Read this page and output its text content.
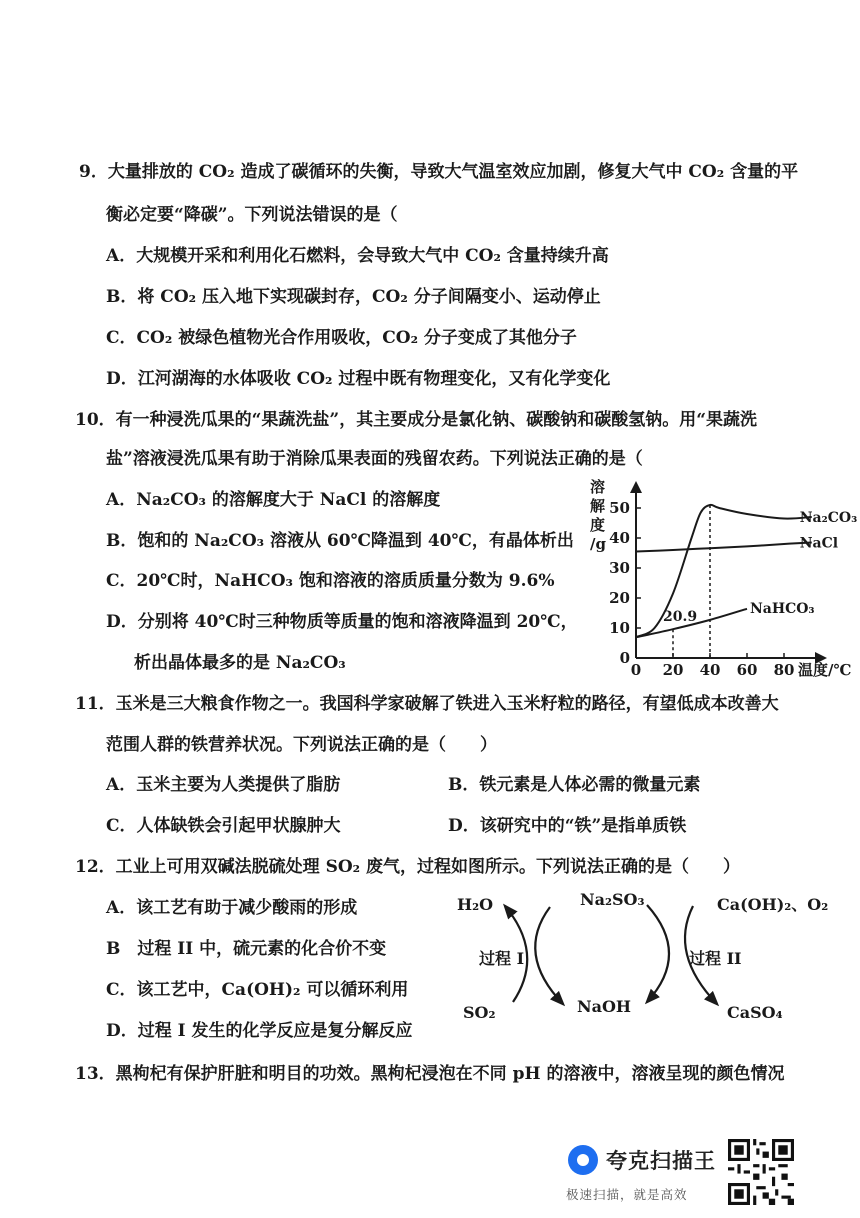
9．大量排放的 CO₂ 造成了碳循环的失衡，导致大气温室效应加剧，修复大气中 CO₂ 含量的平
衡必定要“降碳”。下列说法错误的是（
A．大规模开采和利用化石燃料，会导致大气中 CO₂ 含量持续升高
B．将 CO₂ 压入地下实现碳封存，CO₂ 分子间隔变小、运动停止
C．CO₂ 被绿色植物光合作用吸收，CO₂ 分子变成了其他分子
D．江河湖海的水体吸收 CO₂ 过程中既有物理变化，又有化学变化
10．有一种浸洗瓜果的“果蔬洗盐”，其主要成分是氯化钠、碳酸钠和碳酸氢钠。用“果蔬洗
盐”溶液浸洗瓜果有助于消除瓜果表面的残留农药。下列说法正确的是（
A．Na₂CO₃ 的溶解度大于 NaCl 的溶解度
B．饱和的 Na₂CO₃ 溶液从 60℃降温到 40℃，有晶体析出
C．20℃时，NaHCO₃ 饱和溶液的溶质质量分数为 9.6%
D．分别将 40℃时三种物质等质量的饱和溶液降温到 20℃，
析出晶体最多的是 Na₂CO₃
溶
解
度
/g
0
10
20
30
40
50
0 20 40 60 80 温度/℃
Na₂CO₃
NaCl
NaHCO₃
20.9
11．玉米是三大粮食作物之一。我国科学家破解了铁进入玉米籽粒的路径，有望低成本改善大
范围人群的铁营养状况。下列说法正确的是（　　）
A．玉米主要为人类提供了脂肪	B．铁元素是人体必需的微量元素
C．人体缺铁会引起甲状腺肿大	D．该研究中的“铁”是指单质铁
12．工业上可用双碱法脱硫处理 SO₂ 废气，过程如图所示。下列说法正确的是（　　）
A．该工艺有助于减少酸雨的形成
B　过程 II 中，硫元素的化合价不变
C．该工艺中，Ca(OH)₂ 可以循环利用
D．过程 I 发生的化学反应是复分解反应
H₂O	Na₂SO₃	Ca(OH)₂、O₂
过程 I	过程 II
SO₂	NaOH	CaSO₄
13．黑枸杞有保护肝脏和明目的功效。黑枸杞浸泡在不同 pH 的溶液中，溶液呈现的颜色情况
夸克扫描王
极速扫描，就是高效
